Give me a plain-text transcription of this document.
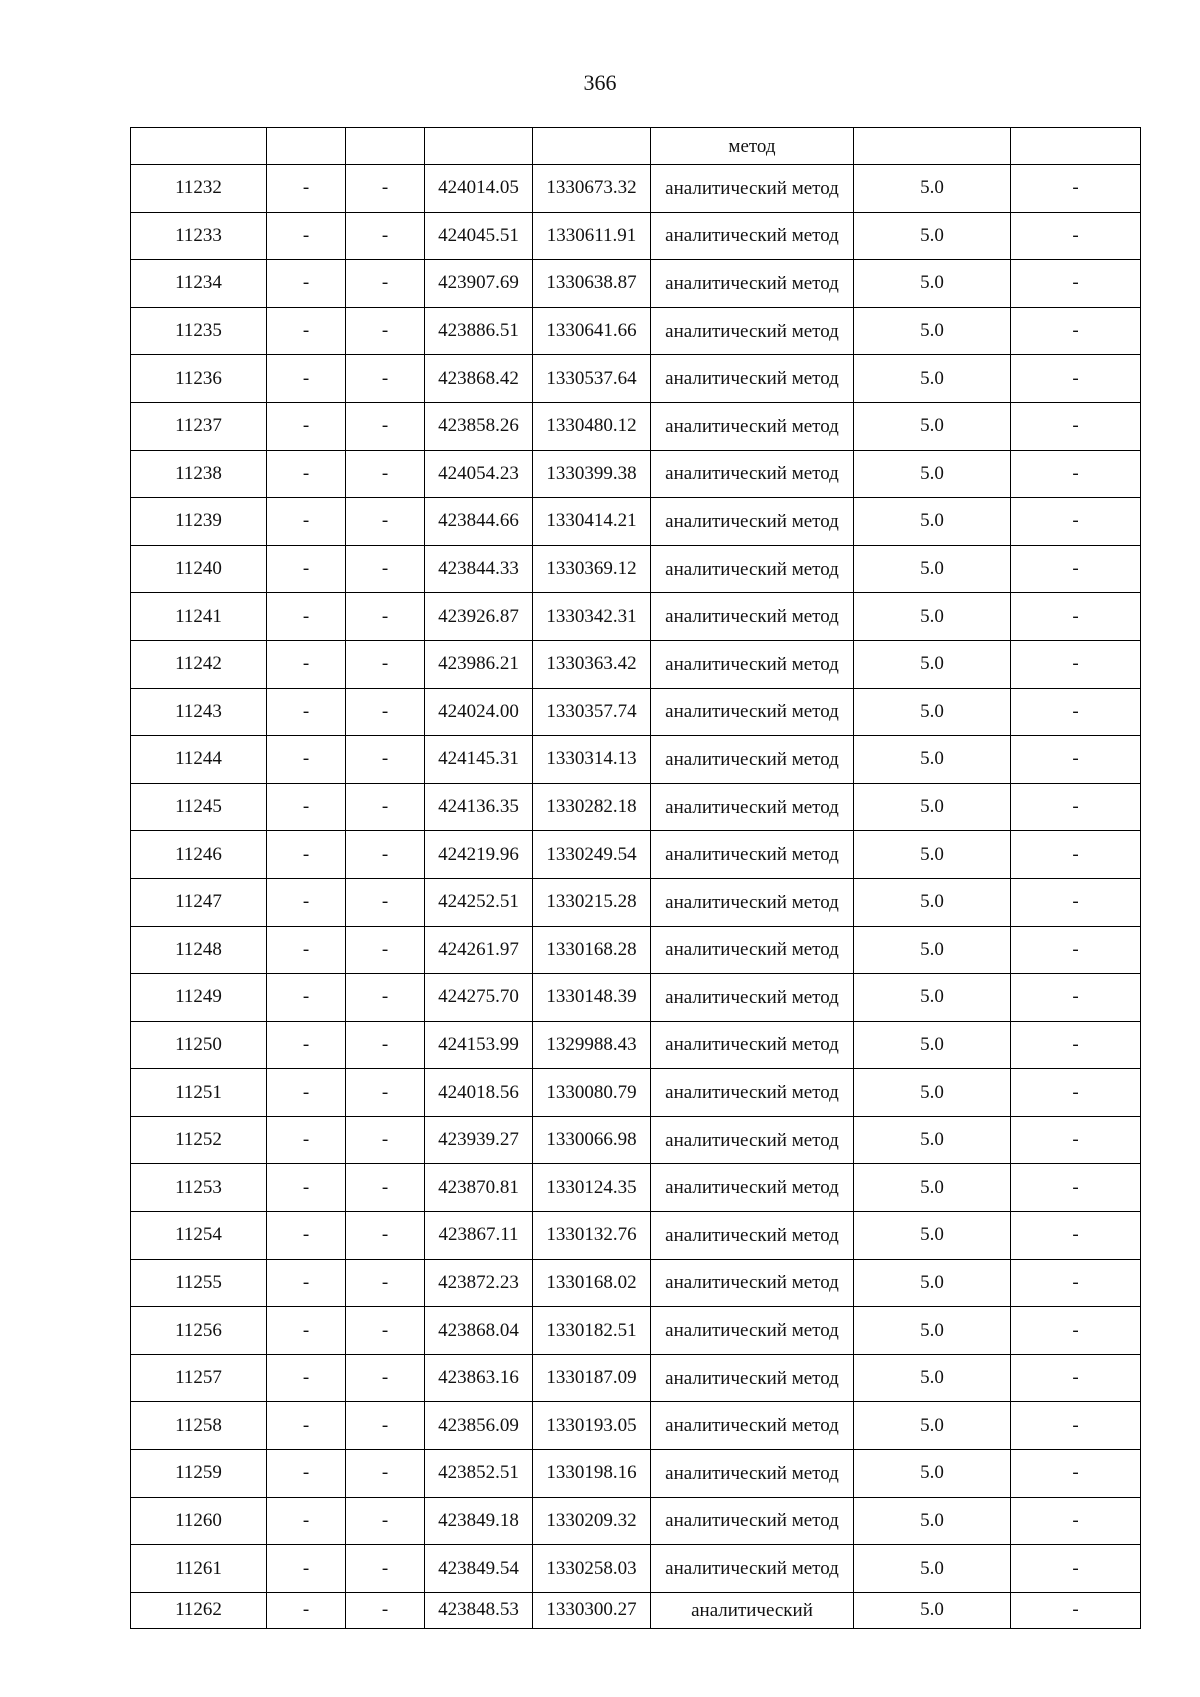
366
					метод		
11232	-	-	424014.05	1330673.32	аналитический метод	5.0	-
11233	-	-	424045.51	1330611.91	аналитический метод	5.0	-
11234	-	-	423907.69	1330638.87	аналитический метод	5.0	-
11235	-	-	423886.51	1330641.66	аналитический метод	5.0	-
11236	-	-	423868.42	1330537.64	аналитический метод	5.0	-
11237	-	-	423858.26	1330480.12	аналитический метод	5.0	-
11238	-	-	424054.23	1330399.38	аналитический метод	5.0	-
11239	-	-	423844.66	1330414.21	аналитический метод	5.0	-
11240	-	-	423844.33	1330369.12	аналитический метод	5.0	-
11241	-	-	423926.87	1330342.31	аналитический метод	5.0	-
11242	-	-	423986.21	1330363.42	аналитический метод	5.0	-
11243	-	-	424024.00	1330357.74	аналитический метод	5.0	-
11244	-	-	424145.31	1330314.13	аналитический метод	5.0	-
11245	-	-	424136.35	1330282.18	аналитический метод	5.0	-
11246	-	-	424219.96	1330249.54	аналитический метод	5.0	-
11247	-	-	424252.51	1330215.28	аналитический метод	5.0	-
11248	-	-	424261.97	1330168.28	аналитический метод	5.0	-
11249	-	-	424275.70	1330148.39	аналитический метод	5.0	-
11250	-	-	424153.99	1329988.43	аналитический метод	5.0	-
11251	-	-	424018.56	1330080.79	аналитический метод	5.0	-
11252	-	-	423939.27	1330066.98	аналитический метод	5.0	-
11253	-	-	423870.81	1330124.35	аналитический метод	5.0	-
11254	-	-	423867.11	1330132.76	аналитический метод	5.0	-
11255	-	-	423872.23	1330168.02	аналитический метод	5.0	-
11256	-	-	423868.04	1330182.51	аналитический метод	5.0	-
11257	-	-	423863.16	1330187.09	аналитический метод	5.0	-
11258	-	-	423856.09	1330193.05	аналитический метод	5.0	-
11259	-	-	423852.51	1330198.16	аналитический метод	5.0	-
11260	-	-	423849.18	1330209.32	аналитический метод	5.0	-
11261	-	-	423849.54	1330258.03	аналитический метод	5.0	-
11262	-	-	423848.53	1330300.27	аналитический	5.0	-
